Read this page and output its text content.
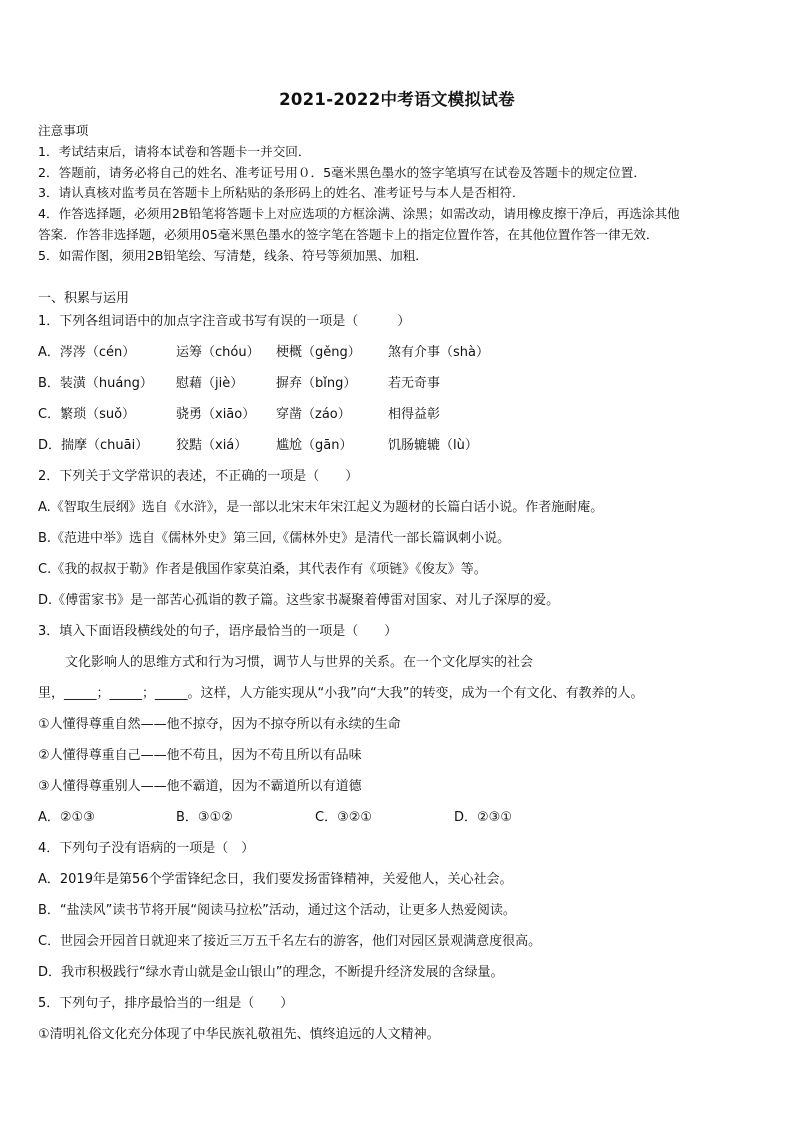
2021-2022中考语文模拟试卷
注意事项
1．考试结束后，请将本试卷和答题卡一并交回．
2．答题前，请务必将自己的姓名、准考证号用０．5毫米黑色墨水的签字笔填写在试卷及答题卡的规定位置．
3．请认真核对监考员在答题卡上所粘贴的条形码上的姓名、准考证号与本人是否相符．
4．作答选择题，必须用2B铅笔将答题卡上对应选项的方框涂满、涂黑；如需改动，请用橡皮擦干净后，再选涂其他
答案．作答非选择题，必须用05毫米黑色墨水的签字笔在答题卡上的指定位置作答，在其他位置作答一律无效．
5．如需作图，须用2B铅笔绘、写清楚，线条、符号等须加黑、加粗．
一、积累与运用
1．下列各组词语中的加点字注音或书写有误的一项是（　　　）
A．涔涔（cén）	运筹（chóu）	梗概（gěng）	煞有介事（shà）
B．装潢（huáng）	慰藉（jiè）	摒弃（bǐng）	若无奇事
C．繁琐（suǒ）	骁勇（xiāo）	穿凿（záo）	相得益彰
D．揣摩（chuāi）	狡黠（xiá）	尴尬（gān）	饥肠辘辘（lù）
2．下列关于文学常识的表述，不正确的一项是（　　）
A.《智取生辰纲》选自《水浒》，是一部以北宋末年宋江起义为题材的长篇白话小说。作者施耐庵。
B.《范进中举》选自《儒林外史》第三回,《儒林外史》是清代一部长篇讽刺小说。
C.《我的叔叔于勒》作者是俄国作家莫泊桑，其代表作有《项链》《俊友》等。
D.《傅雷家书》是一部苦心孤诣的教子篇。这些家书凝聚着傅雷对国家、对儿子深厚的爱。
3．填入下面语段横线处的句子，语序最恰当的一项是（　　）
文化影响人的思维方式和行为习惯，调节人与世界的关系。在一个文化厚实的社会
里，_____；_____；_____。这样，人方能实现从“小我”向“大我”的转变，成为一个有文化、有教养的人。
①人懂得尊重自然——他不掠夺，因为不掠夺所以有永续的生命
②人懂得尊重自己——他不苟且，因为不苟且所以有品味
③人懂得尊重别人——他不霸道，因为不霸道所以有道德
A．②①③	B．③①②	C．③②①	D．②③①
4．下列句子没有语病的一项是（　）
A．2019年是第56个学雷锋纪念日，我们要发扬雷锋精神，关爱他人，关心社会。
B．“盐渎风”读书节将开展“阅读马拉松”活动，通过这个活动，让更多人热爱阅读。
C．世园会开园首日就迎来了接近三万五千名左右的游客，他们对园区景观满意度很高。
D．我市积极践行“绿水青山就是金山银山”的理念，不断提升经济发展的含绿量。
5．下列句子，排序最恰当的一组是（　　）
①清明礼俗文化充分体现了中华民族礼敬祖先、慎终追远的人文精神。
